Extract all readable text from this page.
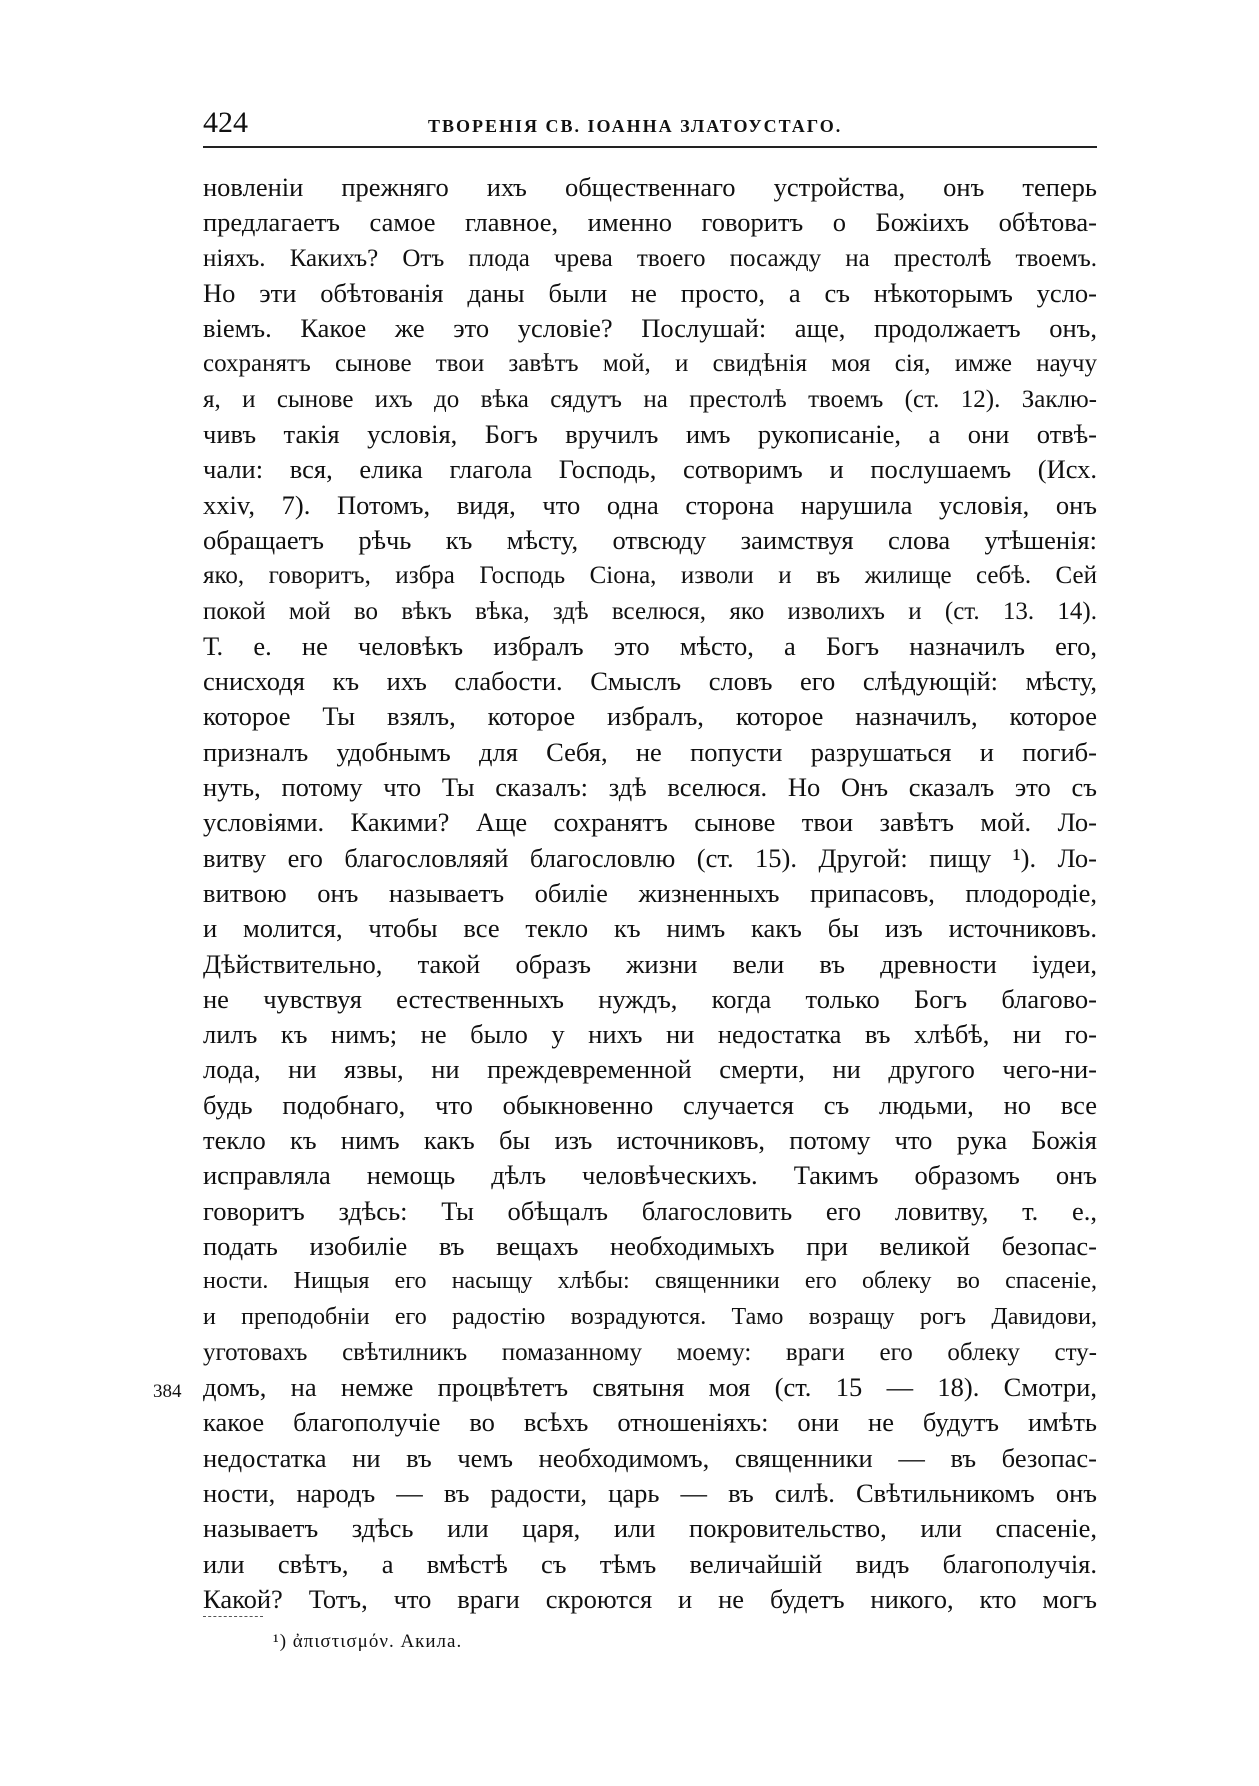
424	ТВОРЕНІЯ СВ. ІОАННА ЗЛАТОУСТАГО.
новленіи прежняго ихъ общественнаго устройства, онъ теперь
предлагаетъ самое главное, именно говоритъ о Божіихъ обѣтова-
ніяхъ. Какихъ? Отъ плода чрева твоего посажду на престолѣ твоемъ.
Но эти обѣтованія даны были не просто, а съ нѣкоторымъ усло-
віемъ. Какое же это условіе? Послушай: аще, продолжаетъ онъ,
сохранятъ сынове твои завѣтъ мой, и свидѣнія моя сія, имже научу
я, и сынове ихъ до вѣка сядутъ на престолѣ твоемъ (ст. 12). Заклю-
чивъ такія условія, Богъ вручилъ имъ рукописаніе, а они отвѣ-
чали: вся, елика глагола Господь, сотворимъ и послушаемъ (Исх.
xxiv, 7). Потомъ, видя, что одна сторона нарушила условія, онъ
обращаетъ рѣчь къ мѣсту, отвсюду заимствуя слова утѣшенія:
яко, говоритъ, избра Господь Сіона, изволи и въ жилище себѣ. Сей
покой мой во вѣкъ вѣка, здѣ вселюся, яко изволихъ и (ст. 13. 14).
Т. е. не человѣкъ избралъ это мѣсто, а Богъ назначилъ его,
снисходя къ ихъ слабости. Смыслъ словъ его слѣдующій: мѣсту,
которое Ты взялъ, которое избралъ, которое назначилъ, которое
призналъ удобнымъ для Себя, не попусти разрушаться и погиб-
нуть, потому что Ты сказалъ: здѣ вселюся. Но Онъ сказалъ это съ
условіями. Какими? Аще сохранятъ сынове твои завѣтъ мой. Ло-
витву его благословляяй благословлю (ст. 15). Другой: пищу ¹). Ло-
витвою онъ называетъ обиліе жизненныхъ припасовъ, плодородіе,
и молится, чтобы все текло къ нимъ какъ бы изъ источниковъ.
Дѣйствительно, такой образъ жизни вели въ древности іудеи,
не чувствуя естественныхъ нуждъ, когда только Богъ благово-
лилъ къ нимъ; не было у нихъ ни недостатка въ хлѣбѣ, ни го-
лода, ни язвы, ни преждевременной смерти, ни другого чего-ни-
будь подобнаго, что обыкновенно случается съ людьми, но все
текло къ нимъ какъ бы изъ источниковъ, потому что рука Божія
исправляла немощь дѣлъ человѣческихъ. Такимъ образомъ онъ
говоритъ здѣсь: Ты обѣщалъ благословить его ловитву, т. е.,
подать изобиліе въ вещахъ необходимыхъ при великой безопас-
ности. Нищыя его насыщу хлѣбы: священники его облеку во спасеніе,
и преподобніи его радостію возрадуются. Тамо возращу рогъ Давидови,
уготовахъ свѣтилникъ помазанному моему: враги его облеку сту-
домъ, на немже процвѣтетъ святыня моя (ст. 15 — 18). Смотри,
какое благополучіе во всѣхъ отношеніяхъ: они не будутъ имѣть
недостатка ни въ чемъ необходимомъ, священники — въ безопас-
ности, народъ — въ радости, царь — въ силѣ. Свѣтильникомъ онъ
называетъ здѣсь или царя, или покровительство, или спасеніе,
или свѣтъ, а вмѣстѣ съ тѣмъ величайшій видъ благополучія.
Какой? Тотъ, что враги скроются и не будетъ никого, кто могъ
384
¹) ἀπιστισμόν. Акила.
